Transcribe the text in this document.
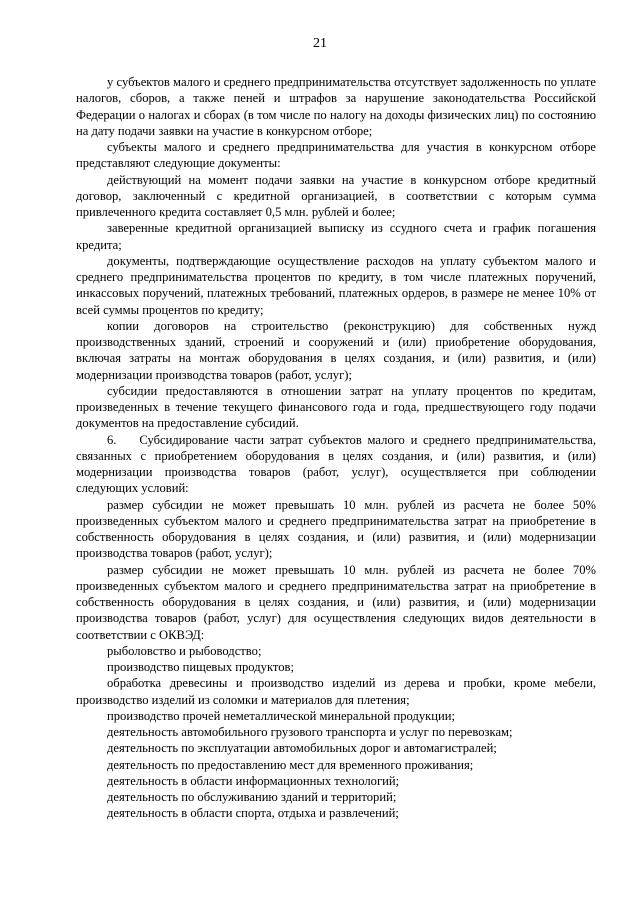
21

у субъектов малого и среднего предпринимательства отсутствует задолженность по уплате налогов, сборов, а также пеней и штрафов за нарушение законодательства Российской Федерации о налогах и сборах (в том числе по налогу на доходы физических лиц) по состоянию на дату подачи заявки на участие в конкурсном отборе;

субъекты малого и среднего предпринимательства для участия в конкурсном отборе представляют следующие документы:

действующий на момент подачи заявки на участие в конкурсном отборе кредитный договор, заключенный с кредитной организацией, в соответствии с которым сумма привлеченного кредита составляет 0,5 млн. рублей и более;

заверенные кредитной организацией выписку из ссудного счета и график погашения кредита;

документы, подтверждающие осуществление расходов на уплату субъектом малого и среднего предпринимательства процентов по кредиту, в том числе платежных поручений, инкассовых поручений, платежных требований, платежных ордеров, в размере не менее 10% от всей суммы процентов по кредиту;

копии договоров на строительство (реконструкцию) для собственных нужд производственных зданий, строений и сооружений и (или) приобретение оборудования, включая затраты на монтаж оборудования в целях создания, и (или) развития, и (или) модернизации производства товаров (работ, услуг);

субсидии предоставляются в отношении затрат на уплату процентов по кредитам, произведенных в течение текущего финансового года и года, предшествующего году подачи документов на предоставление субсидий.

6.    Субсидирование части затрат субъектов малого и среднего предпринимательства, связанных с приобретением оборудования в целях создания, и (или) развития, и (или) модернизации производства товаров (работ, услуг), осуществляется при соблюдении следующих условий:

размер субсидии не может превышать 10 млн. рублей из расчета не более 50% произведенных субъектом малого и среднего предпринимательства затрат на приобретение в собственность оборудования в целях создания, и (или) развития, и (или) модернизации производства товаров (работ, услуг);

размер субсидии не может превышать 10 млн. рублей из расчета не более 70% произведенных субъектом малого и среднего предпринимательства затрат на приобретение в собственность оборудования в целях создания, и (или) развития, и (или) модернизации производства товаров (работ, услуг) для осуществления следующих видов деятельности в соответствии с ОКВЭД:

рыболовство и рыбоводство;

производство пищевых продуктов;

обработка древесины и производство изделий из дерева и пробки, кроме мебели, производство изделий из соломки и материалов для плетения;

производство прочей неметаллической минеральной продукции;

деятельность автомобильного грузового транспорта и услуг по перевозкам;

деятельность по эксплуатации автомобильных дорог и автомагистралей;

деятельность по предоставлению мест для временного проживания;

деятельность в области информационных технологий;

деятельность по обслуживанию зданий и территорий;

деятельность в области спорта, отдыха и развлечений;
